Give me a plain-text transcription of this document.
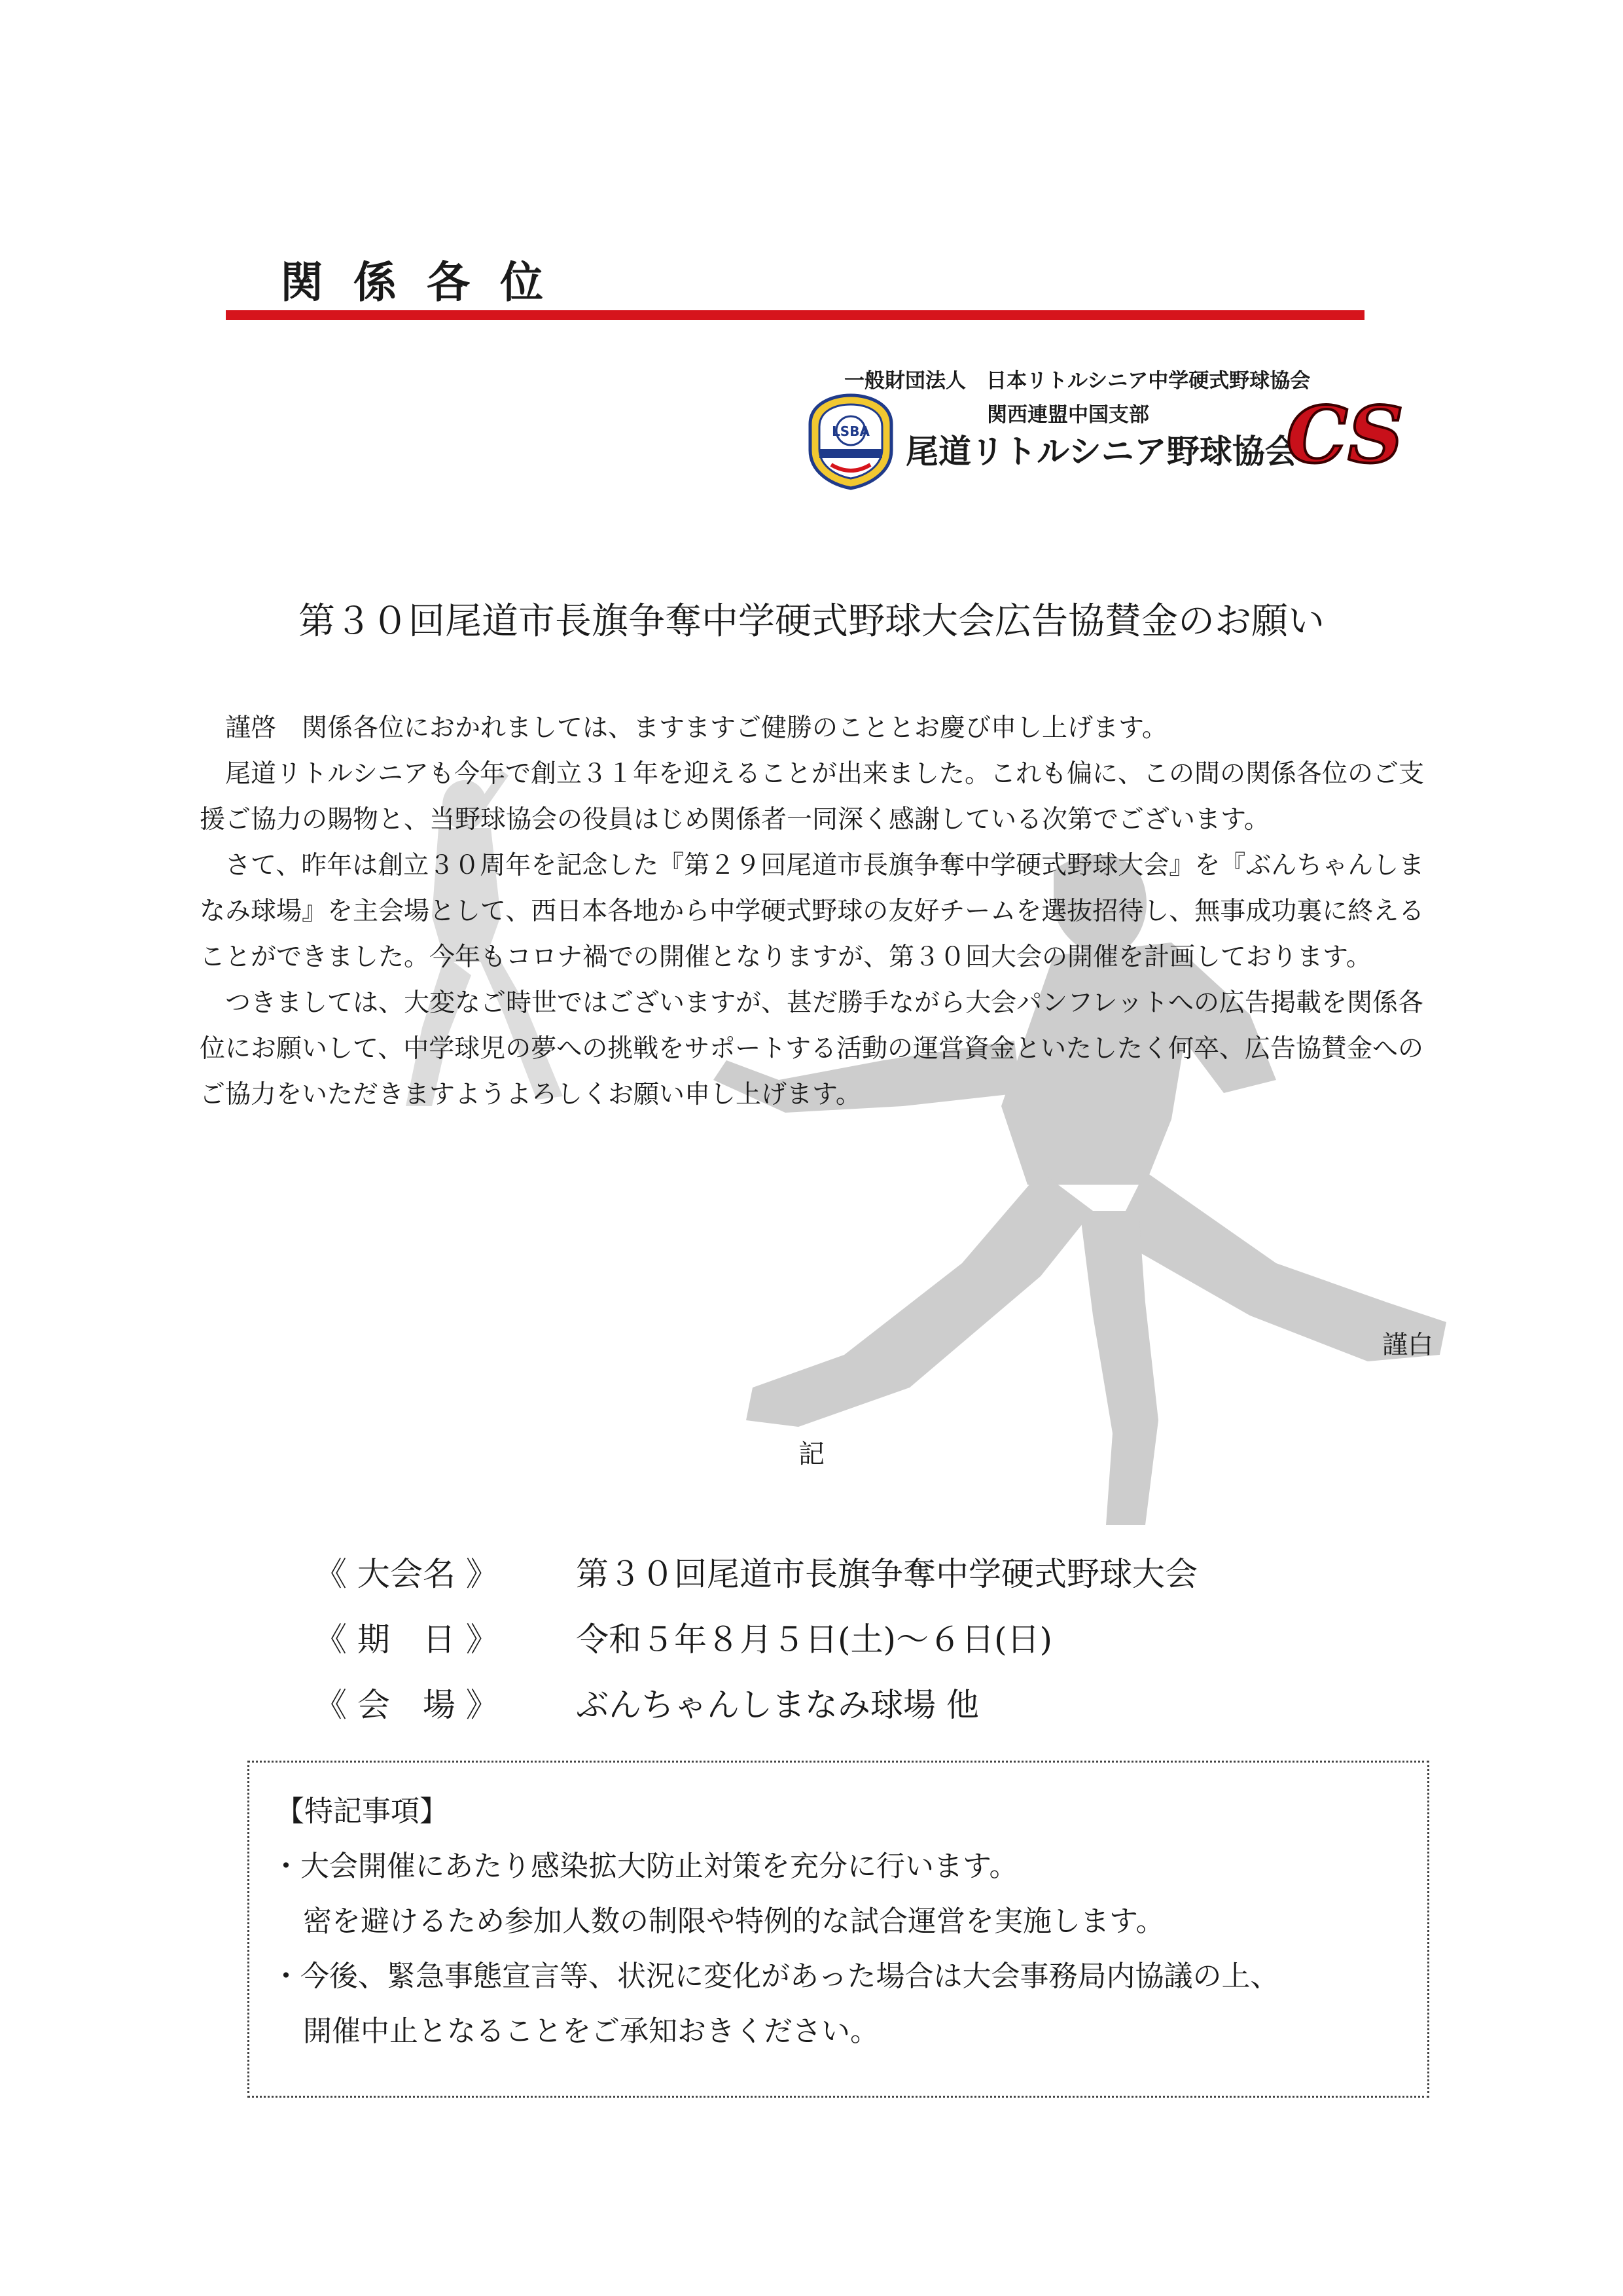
関係各位
一般財団法人　日本リトルシニア中学硬式野球協会
関西連盟中国支部
尾道リトルシニア野球協会
LSBA	CS
第３０回尾道市長旗争奪中学硬式野球大会広告協賛金のお願い

謹啓　関係各位におかれましては、ますますご健勝のこととお慶び申し上げます。

尾道リトルシニアも今年で創立３１年を迎えることが出来ました。これも偏に、この間の関係各位のご支援ご協力の賜物と、当野球協会の役員はじめ関係者一同深く感謝している次第でございます。

さて、昨年は創立３０周年を記念した『第２９回尾道市長旗争奪中学硬式野球大会』を『ぶんちゃんしまなみ球場』を主会場として、西日本各地から中学硬式野球の友好チームを選抜招待し、無事成功裏に終えることができました。今年もコロナ禍での開催となりますが、第３０回大会の開催を計画しております。

つきましては、大変なご時世ではございますが、甚だ勝手ながら大会パンフレットへの広告掲載を関係各位にお願いして、中学球児の夢への挑戦をサポートする活動の運営資金といたしたく何卒、広告協賛金へのご協力をいただきますようよろしくお願い申し上げます。

謹白
記
《 大会名 》 第３０回尾道市長旗争奪中学硬式野球大会
《 期　日 》 令和５年８月５日(土)～６日(日)
《 会　場 》 ぶんちゃんしまなみ球場 他
【特記事項】
・大会開催にあたり感染拡大防止対策を充分に行います。
密を避けるため参加人数の制限や特例的な試合運営を実施します。
・今後、緊急事態宣言等、状況に変化があった場合は大会事務局内協議の上、
開催中止となることをご承知おきください。
